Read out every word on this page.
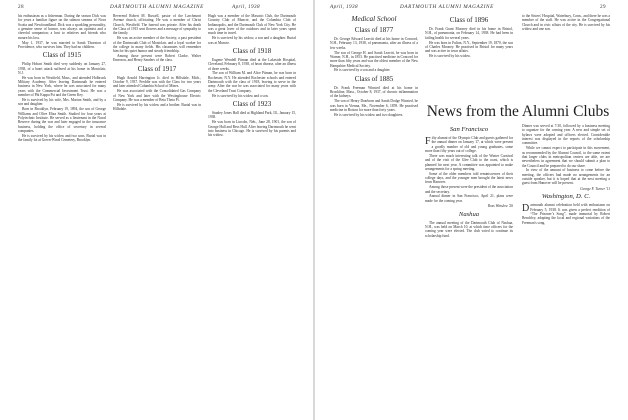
28	DARTMOUTH ALUMNI MAGAZINE	April, 1938	April, 1938	DARTMOUTH ALUMNI MAGAZINE	29

his enthusiasm as a fisherman. During the season Dick was for years a familiar figure on the salmon streams of Nova Scotia and Newfoundland. Dick was a sparkling personality, a genuine sense of humor, was always an optimist and a cheerful companion; a host to relatives and friends who mourn his loss.

May 1, 1937, he was married to Sarah Thornton of Providence, who survives him. They had no children.

Class of 1915

Philip Hobart Smith died very suddenly on January 27, 1938, of a heart attack suffered at his home in Montclair, N.J.

He was born in Westfield, Mass., and attended Holbrook Military Academy. After leaving Dartmouth he entered business in New York, where he was associated for many years with the Commercial Investment Trust. He was a member of Phi Kappa Psi and the Green Key.

He is survived by his wife, Mrs. Marion Smith, and by a son and daughter.

Born in Brooklyn, February 19, 1894, the son of George Williams and Olive Eliza Smith. Studied for four years at Polytechnic Institute. He served as a lieutenant in the Naval Reserve during the war and later engaged in the insurance business, holding the office of secretary in several companies.

He is survived by his widow and two sons. Burial was in the family lot at Green-Wood Cemetery, Brooklyn.

Reverend Robert M. Russell, pastor of the Larchmont Avenue church, officiating. He was a member of Christ Church, Westfield. The funeral was private. After his death the Class of 1915 sent flowers and a message of sympathy to the family.

He was an active member of the Society, a past president of the Dartmouth Club of Montclair, and a loyal worker for the college in many fields. His classmates will remember him for his quiet humor and steady friendship.

Among those present were Robert Clarke, Walter Emerson, and Henry Sanders of the class.

Class of 1917

Hugh Arnold Harrington Jr. died in Hillsdale, Mich., October 9, 1937. Freddie was with the Class for two years and later attended Columbia School of Mines.

He was associated with the Consolidated Gas Company of New York and later with the Westinghouse Electric Company. He was a member of Beta Theta Pi.

He is survived by his widow and a brother. Burial was in Hillsdale.

Hugh was a member of the Masonic Club, the Dartmouth Country Club of Muncie, and the Columbia Club of Indianapolis, and the Dartmouth Club of New York City. He was a great lover of the outdoors and in later years spent much time in travel.

He is survived by his widow, a son and a daughter. Burial was at Muncie.

Class of 1918

Eugene Wendell Pitman died at the Lakeside Hospital, Cleveland, February 8, 1938, of heart disease, after an illness of three weeks.

The son of William M. and Alice Pitman, he was born in Rochester, N.Y. He attended Rochester schools and entered Dartmouth with the class of 1918, leaving to serve in the army. After the war he was associated for many years with the Cleveland Trust Company.

He is survived by his widow and a son.

Class of 1923

Stanley Jones Hall died at Highland Park, Ill., January 15, 1938.

He was born in Lincoln, Neb., June 28, 1901, the son of George Hall and Bess Hall. After leaving Dartmouth he went into business in Chicago. He is survived by his parents and his widow.

Medical School
Class of 1877

Dr. George Edward Leavitt died at his home in Concord, N.H., February 13, 1938, of pneumonia, after an illness of a few weeks.

The son of George H. and Sarah Leavitt, he was born in Warner, N.H., in 1853. He practised medicine in Concord for more than fifty years and was the oldest member of the New Hampshire Medical Society.

He is survived by a son and a daughter.

Class of 1885

Dr. Frank Freeman Winsted died at his home in Brookline, Mass., October 8, 1937, of chronic inflammation of the kidneys.

The son of Henry Dearborn and Sarah Dodge Winsted, he was born in Vienna, Me., November 6, 1859. He practised medicine in Boston for more than forty years.

He is survived by his widow and two daughters.

Class of 1896

Dr. Frank Grant Mooney died in his home in Bristol, N.H., of pneumonia, on February 14, 1938. He had been in failing health for several years.

He was born in Fulton, N.Y., September 19, 1870, the son of Charles Mooney. He practised in Bristol for many years and was active in town affairs.

He is survived by his widow.

to the Sisters' Hospital, Waterbury, Conn., and there he was a member of the staff. He was active in the Congregational Church and in civic affairs of the city. He is survived by his widow and one son.

News from the Alumni Clubs
San Francisco

Fifty alumni of the Olympic Club and guests gathered for the annual dinner on January 17, at which were present a goodly number of old and young graduates, some more than fifty years out of college.

There was much interesting talk of the Winter Carnival and of the visit of the Glee Club to the coast, which is planned for next year. A committee was appointed to make arrangements for a spring meeting.

Some of the older members told reminiscences of their college days, and the younger men brought the latest news from Hanover.

Among those present were the president of the association and the secretary.

Annual dinner in San Francisco, April 21, plans were made for the coming year.

Ross Winslow '26

Nashua

The annual meeting of the Dartmouth Club of Nashua, N.H., was held on March 10, at which time officers for the coming year were elected. The club voted to continue its scholarship fund.

Dinner was served at 7:30, followed by a business meeting to organize for the coming year. A new and simple set of bylaws were adopted and officers elected. Considerable interest was displayed in the reports of the scholarship committee.

While we cannot expect to participate in this movement, as recommended by the Alumni Council, to the same extent that larger clubs in metropolitan centers are able, we are nevertheless in agreement that we should submit a plan to the Council and be prepared to do our share.

In view of the amount of business to come before the meeting, the officers had made no arrangements for an outside speaker, but it is hoped that at the next meeting a guest from Hanover will be present.

George F. Turner '11

Washington, D. C.

Dartmouth alumni celebration held with enthusiasm on February 5, 1938. It was given a perfect rendition of “The Prisoner’s Song”, made immortal by Robert Benchley, adapting the local and regional variations of the Freeman's song.
